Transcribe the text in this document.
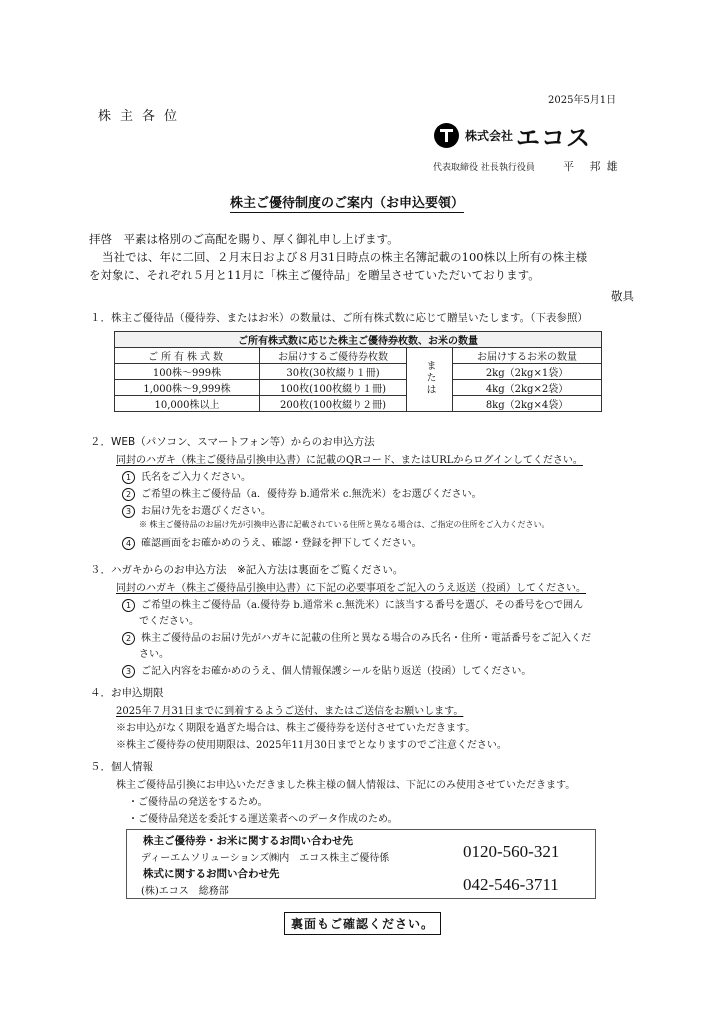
2025年5月1日
株主各位
株式会社 エコス
代表取締役 社長執行役員	平 邦雄
株主ご優待制度のご案内（お申込要領）
拝啓　平素は格別のご高配を賜り、厚く御礼申し上げます。
当社では、年に二回、２月末日および８月31日時点の株主名簿記載の100株以上所有の株主様
を対象に、それぞれ５月と11月に「株主ご優待品」を贈呈させていただいております。
敬具
１．株主ご優待品（優待券、またはお米）の数量は、ご所有株式数に応じて贈呈いたします。（下表参照）
ご所有株式数に応じた株主ご優待券枚数、お米の数量			
ご所有株式数	お届けするご優待券枚数	または	お届けするお米の数量
100株～999株	30枚(30枚綴り１冊)		2kg（2kg×1袋）
1,000株～9,999株	100枚(100枚綴り１冊)		4kg（2kg×2袋）
10,000株以上	200枚(100枚綴り２冊)		8kg（2kg×4袋）
２．WEB（パソコン、スマートフォン等）からのお申込方法
同封のハガキ（株主ご優待品引換申込書）に記載のQRコード、またはURLからログインしてください。
1 氏名をご入力ください。
2 ご希望の株主ご優待品（a．優待券 b.通常米 c.無洗米）をお選びください。
3 お届け先をお選びください。
※ 株主ご優待品のお届け先が引換申込書に記載されている住所と異なる場合は、ご指定の住所をご入力ください。
4 確認画面をお確かめのうえ、確認・登録を押下してください。
３．ハガキからのお申込方法　※記入方法は裏面をご覧ください。
同封のハガキ（株主ご優待品引換申込書）に下記の必要事項をご記入のうえ返送（投函）してください。
1 ご希望の株主ご優待品（a.優待券 b.通常米 c.無洗米）に該当する番号を選び、その番号を○で囲ん
でください。
2 株主ご優待品のお届け先がハガキに記載の住所と異なる場合のみ氏名・住所・電話番号をご記入くだ
さい。
3 ご記入内容をお確かめのうえ、個人情報保護シールを貼り返送（投函）してください。
４．お申込期限
2025年７月31日までに到着するようご送付、またはご送信をお願いします。
※お申込がなく期限を過ぎた場合は、株主ご優待券を送付させていただきます。
※株主ご優待券の使用期限は、2025年11月30日までとなりますのでご注意ください。
５．個人情報
株主ご優待品引換にお申込いただきました株主様の個人情報は、下記にのみ使用させていただきます。
・ご優待品の発送をするため。
・ご優待品発送を委託する運送業者へのデータ作成のため。
株主ご優待券・お米に関するお問い合わせ先
ディーエムソリューションズ㈱内　エコス株主ご優待係	0120-560-321
株式に関するお問い合わせ先
(株)エコス　総務部	042-546-3711
裏面もご確認ください。
